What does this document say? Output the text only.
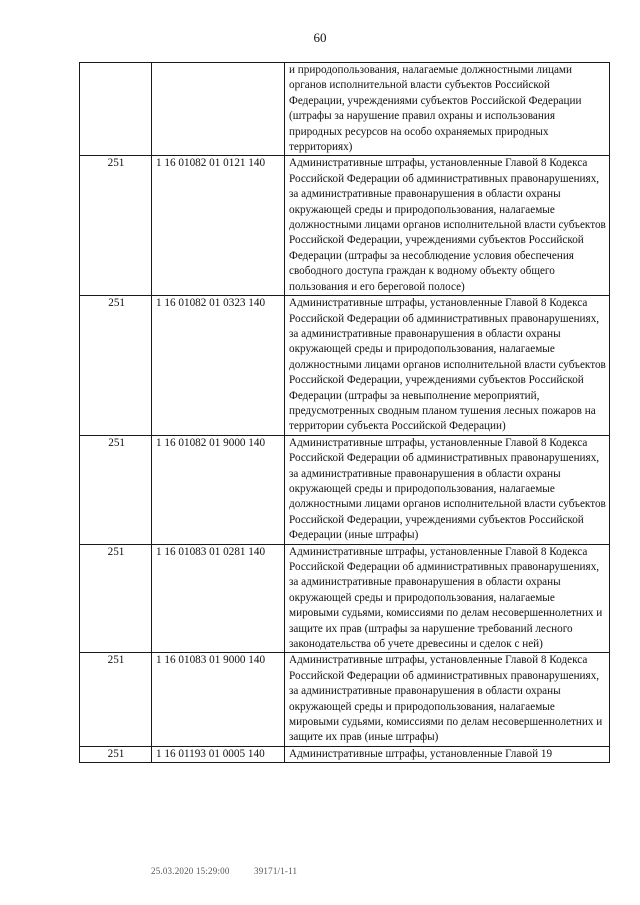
60
		и природопользования, налагаемые должностными лицами органов исполнительной власти субъектов Российской Федерации, учреждениями субъектов Российской Федерации (штрафы за нарушение правил охраны и использования природных ресурсов на особо охраняемых природных территориях)
251	1 16 01082 01 0121 140	Административные штрафы, установленные Главой 8 Кодекса Российской Федерации об административных правонарушениях, за административные правонарушения в области охраны окружающей среды и природопользования, налагаемые должностными лицами органов исполнительной власти субъектов Российской Федерации, учреждениями субъектов Российской Федерации (штрафы за несоблюдение условия обеспечения свободного доступа граждан к водному объекту общего пользования и его береговой полосе)
251	1 16 01082 01 0323 140	Административные штрафы, установленные Главой 8 Кодекса Российской Федерации об административных правонарушениях, за административные правонарушения в области охраны окружающей среды и природопользования, налагаемые должностными лицами органов исполнительной власти субъектов Российской Федерации, учреждениями субъектов Российской Федерации (штрафы за невыполнение мероприятий, предусмотренных сводным планом тушения лесных пожаров на территории субъекта Российской Федерации)
251	1 16 01082 01 9000 140	Административные штрафы, установленные Главой 8 Кодекса Российской Федерации об административных правонарушениях, за административные правонарушения в области охраны окружающей среды и природопользования, налагаемые должностными лицами органов исполнительной власти субъектов Российской Федерации, учреждениями субъектов Российской Федерации (иные штрафы)
251	1 16 01083 01 0281 140	Административные штрафы, установленные Главой 8 Кодекса Российской Федерации об административных правонарушениях, за административные правонарушения в области охраны окружающей среды и природопользования, налагаемые мировыми судьями, комиссиями по делам несовершеннолетних и защите их прав (штрафы за нарушение требований лесного законодательства об учете древесины и сделок с ней)
251	1 16 01083 01 9000 140	Административные штрафы, установленные Главой 8 Кодекса Российской Федерации об административных правонарушениях, за административные правонарушения в области охраны окружающей среды и природопользования, налагаемые мировыми судьями, комиссиями по делам несовершеннолетних и защите их прав (иные штрафы)
251	1 16 01193 01 0005 140	Административные штрафы, установленные Главой 19
25.03.2020 15:29:00	39171/1-11
